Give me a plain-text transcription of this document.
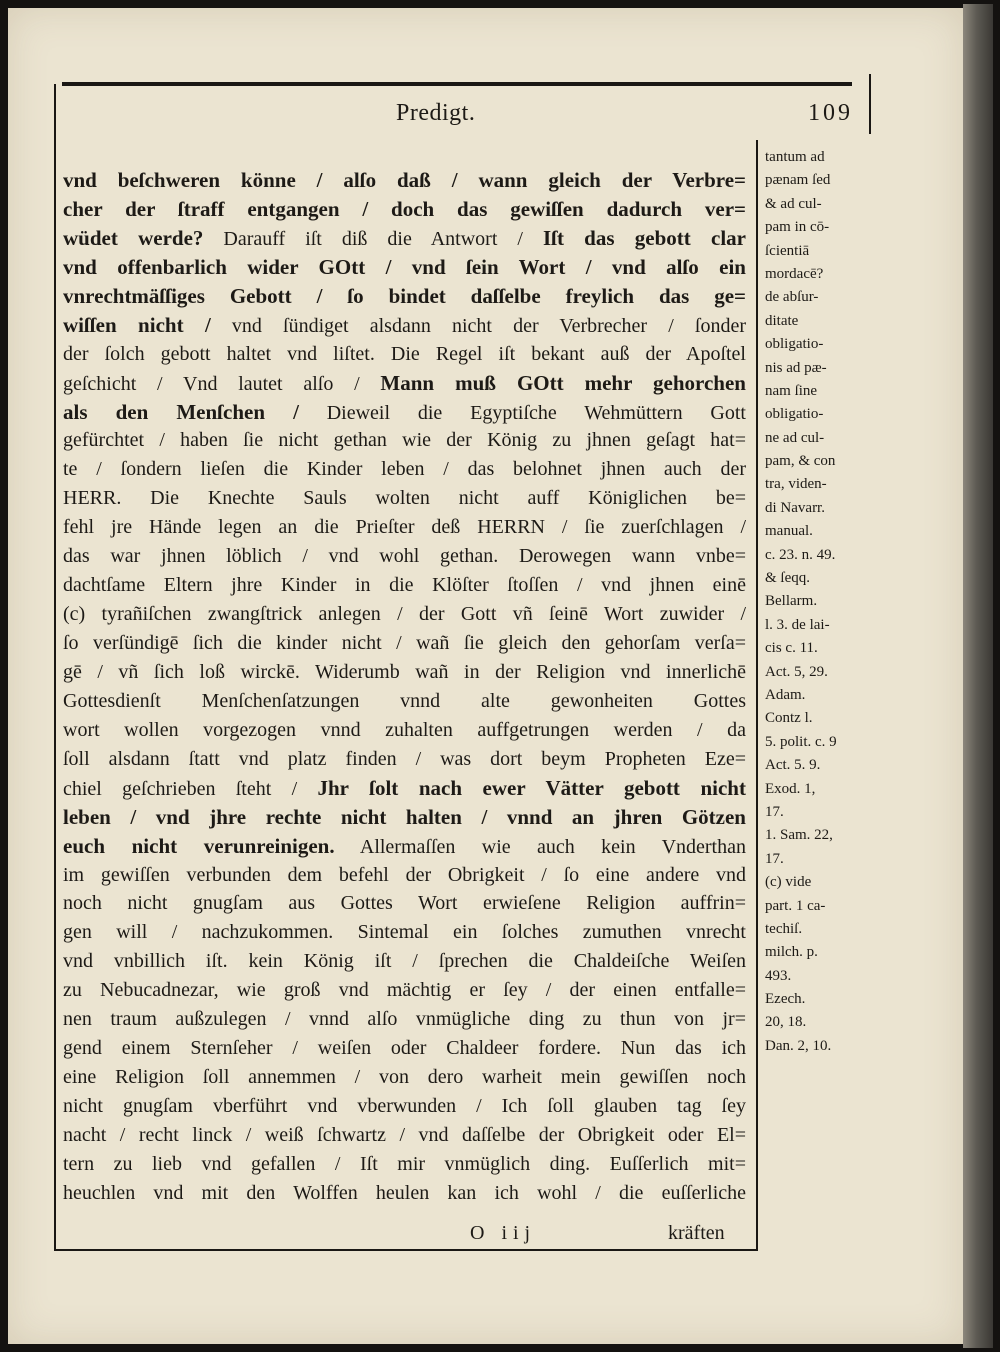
Predigt.	109
vnd beſchweren könne / alſo daß / wann gleich der Verbre=
cher der ſtraff entgangen / doch das gewiſſen dadurch ver=
wüdet werde? Darauff iſt diß die Antwort / Iſt das gebott clar
vnd offenbarlich wider GOtt / vnd ſein Wort / vnd alſo ein
vnrechtmäſſiges Gebott / ſo bindet daſſelbe freylich das ge=
wiſſen nicht / vnd ſündiget alsdann nicht der Verbrecher / ſonder
der ſolch gebott haltet vnd liſtet. Die Regel iſt bekant auß der Apoſtel
geſchicht / Vnd lautet alſo / Mann muß GOtt mehr gehorchen
als den Menſchen / Dieweil die Egyptiſche Wehmüttern Gott
gefürchtet / haben ſie nicht gethan wie der König zu jhnen geſagt hat=
te / ſondern lieſen die Kinder leben / das belohnet jhnen auch der
HERR. Die Knechte Sauls wolten nicht auff Königlichen be=
fehl jre Hände legen an die Prieſter deß HERRN / ſie zuerſchlagen /
das war jhnen löblich / vnd wohl gethan. Derowegen wann vnbe=
dachtſame Eltern jhre Kinder in die Klöſter ſtoſſen / vnd jhnen einē
(c) tyrañiſchen zwangſtrick anlegen / der Gott vñ ſeinē Wort zuwider /
ſo verſündigē ſich die kinder nicht / wañ ſie gleich den gehorſam verſa=
gē / vñ ſich loß wirckē. Widerumb wañ in der Religion vnd innerlichē
Gottesdienſt Menſchenſatzungen vnnd alte gewonheiten Gottes
wort wollen vorgezogen vnnd zuhalten auffgetrungen werden / da
ſoll alsdann ſtatt vnd platz finden / was dort beym Propheten Eze=
chiel geſchrieben ſteht / Jhr ſolt nach ewer Vätter gebott nicht
leben / vnd jhre rechte nicht halten / vnnd an jhren Götzen
euch nicht verunreinigen. Allermaſſen wie auch kein Vnderthan
im gewiſſen verbunden dem befehl der Obrigkeit / ſo eine andere vnd
noch nicht gnugſam aus Gottes Wort erwieſene Religion auffrin=
gen will / nachzukommen. Sintemal ein ſolches zumuthen vnrecht
vnd vnbillich iſt. kein König iſt / ſprechen die Chaldeiſche Weiſen
zu Nebucadnezar, wie groß vnd mächtig er ſey / der einen entfalle=
nen traum außzulegen / vnnd alſo vnmügliche ding zu thun von jr=
gend einem Sternſeher / weiſen oder Chaldeer fordere. Nun das ich
eine Religion ſoll annemmen / von dero warheit mein gewiſſen noch
nicht gnugſam vberführt vnd vberwunden / Ich ſoll glauben tag ſey
nacht / recht linck / weiß ſchwartz / vnd daſſelbe der Obrigkeit oder El=
tern zu lieb vnd gefallen / Iſt mir vnmüglich ding. Euſſerlich mit=
heuchlen vnd mit den Wolffen heulen kan ich wohl / die euſſerliche
tantum ad
pænam ſed
& ad cul-
pam in cō-
ſcientiā
mordacē?
de abſur-
ditate
obligatio-
nis ad pæ-
nam ſine
obligatio-
ne ad cul-
pam, & con
tra, viden-
di Navarr.
manual.
c. 23. n. 49.
& ſeqq.
Bellarm.
l. 3. de lai-
cis c. 11.
Act. 5, 29.
Adam.
Contz l.
5. polit. c. 9
Act. 5. 9.
Exod. 1,
17.
1. Sam. 22,
17.
(c) vide
part. 1 ca-
techiſ.
milch. p.
493.
Ezech.
20, 18.
Dan. 2, 10.
O iij	kräften
